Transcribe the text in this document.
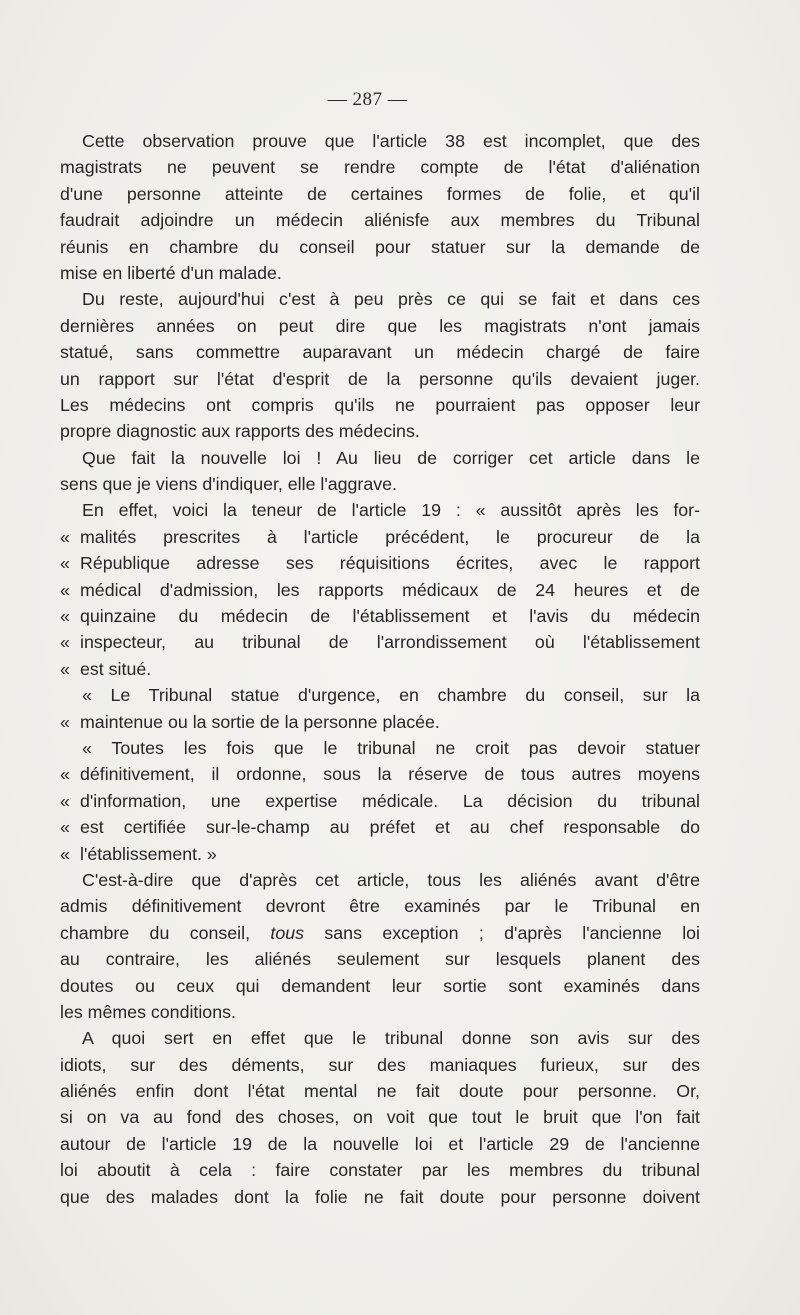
— 287 —
Cette observation prouve que l'article 38 est incomplet, que des
magistrats ne peuvent se rendre compte de l'état d'aliénation
d'une personne atteinte de certaines formes de folie, et qu'il
faudrait adjoindre un médecin aliénisfe aux membres du Tribunal
réunis en chambre du conseil pour statuer sur la demande de
mise en liberté d'un malade.
Du reste, aujourd'hui c'est à peu près ce qui se fait et dans ces
dernières années on peut dire que les magistrats n'ont jamais
statué, sans commettre auparavant un médecin chargé de faire
un rapport sur l'état d'esprit de la personne qu'ils devaient juger.
Les médecins ont compris qu'ils ne pourraient pas opposer leur
propre diagnostic aux rapports des médecins.
Que fait la nouvelle loi ! Au lieu de corriger cet article dans le
sens que je viens d'indiquer, elle l'aggrave.
En effet, voici la teneur de l'article 19 : « aussitôt après les for-
« malités prescrites à l'article précédent, le procureur de la
« République adresse ses réquisitions écrites, avec le rapport
« médical d'admission, les rapports médicaux de 24 heures et de
« quinzaine du médecin de l'établissement et l'avis du médecin
« inspecteur, au tribunal de l'arrondissement où l'établissement
« est situé.
« Le Tribunal statue d'urgence, en chambre du conseil, sur la
« maintenue ou la sortie de la personne placée.
« Toutes les fois que le tribunal ne croit pas devoir statuer
« définitivement, il ordonne, sous la réserve de tous autres moyens
« d'information, une expertise médicale. La décision du tribunal
« est certifiée sur-le-champ au préfet et au chef responsable do
« l'établissement. »
C'est-à-dire que d'après cet article, tous les aliénés avant d'être
admis définitivement devront être examinés par le Tribunal en
chambre du conseil, tous sans exception ; d'après l'ancienne loi
au contraire, les aliénés seulement sur lesquels planent des
doutes ou ceux qui demandent leur sortie sont examinés dans
les mêmes conditions.
A quoi sert en effet que le tribunal donne son avis sur des
idiots, sur des déments, sur des maniaques furieux, sur des
aliénés enfin dont l'état mental ne fait doute pour personne. Or,
si on va au fond des choses, on voit que tout le bruit que l'on fait
autour de l'article 19 de la nouvelle loi et l'article 29 de l'ancienne
loi aboutit à cela : faire constater par les membres du tribunal
que des malades dont la folie ne fait doute pour personne doivent
